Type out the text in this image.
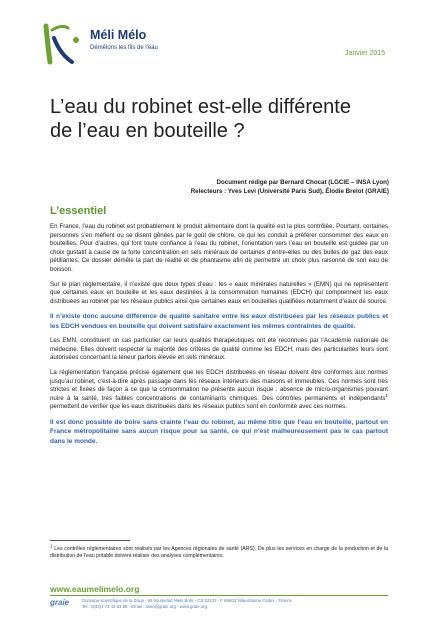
Méli Mélo
Démêlons les fils de l'eau
Janvier 2015
L’eau du robinet est-elle différente de l’eau en bouteille ?
Document rédigé par Bernard Chocat (LGCIE – INSA Lyon)
Relecteurs : Yves Levi (Université Paris Sud), Élodie Brelot (GRAIE)
L’essentiel

En France, l’eau du robinet est probablement le produit alimentaire dont la qualité est la plus contrôlée. Pourtant, certaines personnes s’en méfient ou se disent gênées par le goût de chlore, ce qui les conduit à préférer consommer des eaux en bouteilles. Pour d’autres, qui font toute confiance à l’eau du robinet, l’orientation vers l’eau en bouteille est guidée par un choix gustatif à cause de la forte concentration en sels minéraux de certaines d’entre-elles ou des bulles de gaz des eaux pétillantes. Ce dossier démêle la part de réalité et de phantasme afin de permettre un choix plus raisonné de son eau de boisson.

Sur le plan réglementaire, il n’existe que deux types d’eau : les « eaux minérales naturelles » (EMN) qui ne représentent que certaines eaux en bouteille et les eaux destinées à la consommation humaines (EDCH) qui comprennent les eaux distribuées au robinet par les réseaux publics ainsi que certaines eaux en bouteilles qualifiées notamment d’eaux de source.

Il n’existe donc aucune différence de qualité sanitaire entre les eaux distribuées par les réseaux publics et les EDCH vendues en bouteille qui doivent satisfaire exactement les mêmes contraintes de qualité.

Les EMN, constituent un cas particulier car leurs qualités thérapeutiques ont été reconnues par l’Académie nationale de médecine. Elles doivent respecter la majorité des critères de qualité comme les EDCH, mais des particularités leurs sont autorisées concernant la teneur parfois élevée en sels minéraux.

La réglementation française précise également que les EDCH distribuées en réseau doivent être conformes aux normes jusqu’au robinet, c’est-à-dire après passage dans les réseaux intérieurs des maisons et immeubles. Ces normes sont très strictes et fixées de façon à ce que la consommation ne présente aucun risque : absence de micro-organismes pouvant nuire à la santé, très faibles concentrations de contaminants chimiques. Des contrôles permanents et indépendants$^1$ permettent de vérifier que les eaux distribuées dans les réseaux publics sont en conformité avec ces normes.

Il est donc possible de boire sans crainte l’eau du robinet, au même titre que l’eau en bouteille, partout en France métropolitaine sans aucun risque pour sa santé, ce qui n’est malheureusement pas le cas partout dans le monde.

$^1$ Les contrôles réglementaires sont réalisés par les Agences régionales de santé (ARS). De plus les services en charge de la production et de la distribution de l’eau potable doivent réaliser des analyses complémentaires.
www.eaumelimelo.org
graie	Domaine scientifique de la Doua - 66 boulevard Niels Bohr - CS 52132 - F 69603 Villeurbanne Cedex - France
Tel : 0(33)4 72 43 83 68 - Email : asso@graie.org - www.graie.org
